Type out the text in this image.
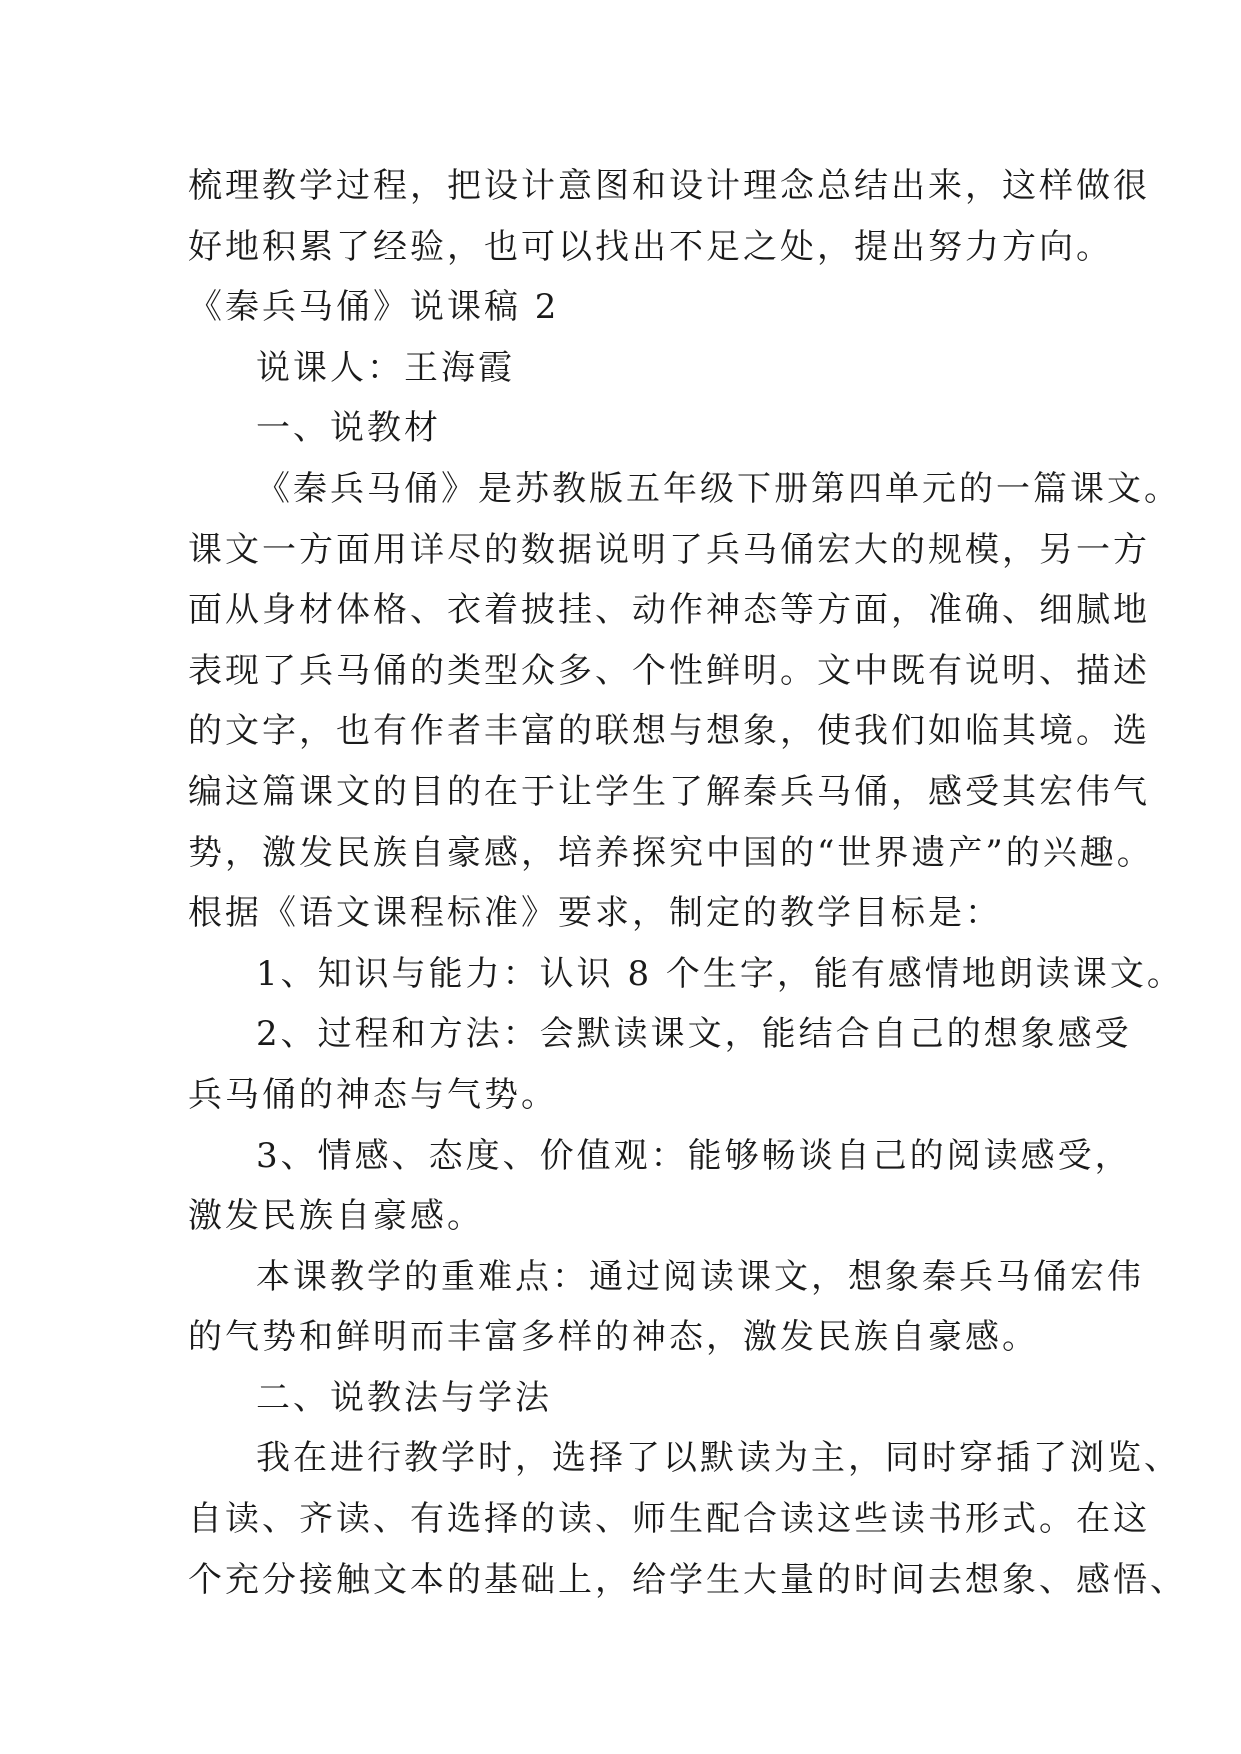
梳理教学过程，把设计意图和设计理念总结出来，这样做很
好地积累了经验，也可以找出不足之处，提出努力方向。
《秦兵马俑》说课稿 2
说课人：王海霞
一、说教材
《秦兵马俑》是苏教版五年级下册第四单元的一篇课文。
课文一方面用详尽的数据说明了兵马俑宏大的规模，另一方
面从身材体格、衣着披挂、动作神态等方面，准确、细腻地
表现了兵马俑的类型众多、个性鲜明。文中既有说明、描述
的文字，也有作者丰富的联想与想象，使我们如临其境。选
编这篇课文的目的在于让学生了解秦兵马俑，感受其宏伟气
势，激发民族自豪感，培养探究中国的“世界遗产”的兴趣。
根据《语文课程标准》要求，制定的教学目标是：
1、知识与能力：认识 8 个生字，能有感情地朗读课文。
2、过程和方法：会默读课文，能结合自己的想象感受
兵马俑的神态与气势。
3、情感、态度、价值观：能够畅谈自己的阅读感受，
激发民族自豪感。
本课教学的重难点：通过阅读课文，想象秦兵马俑宏伟
的气势和鲜明而丰富多样的神态，激发民族自豪感。
二、说教法与学法
我在进行教学时，选择了以默读为主，同时穿插了浏览、
自读、齐读、有选择的读、师生配合读这些读书形式。在这
个充分接触文本的基础上，给学生大量的时间去想象、感悟、
